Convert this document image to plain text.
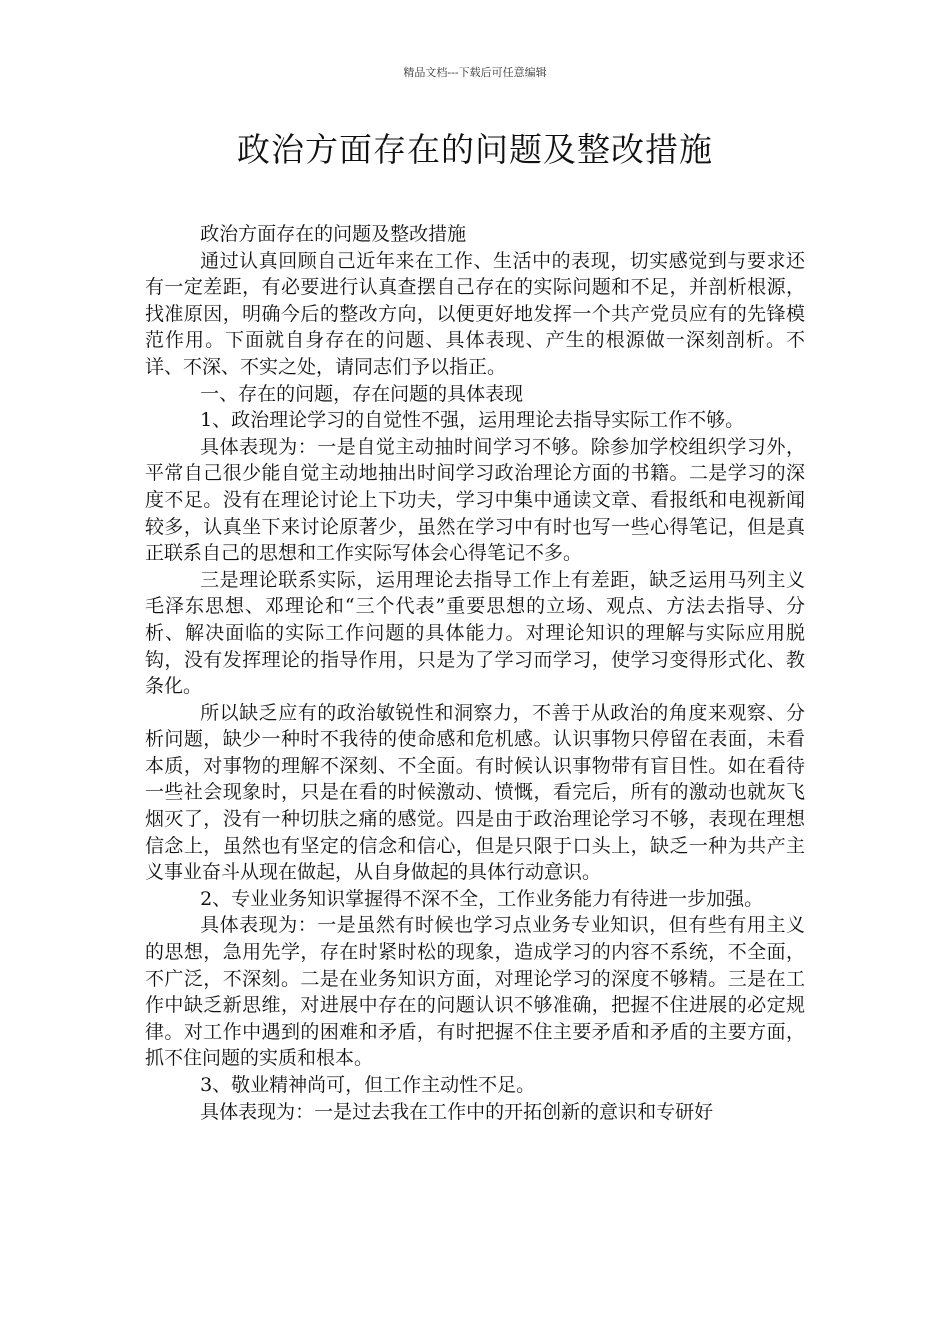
精品文档---下载后可任意编辑
政治方面存在的问题及整改措施

政治方面存在的问题及整改措施

通过认真回顾自己近年来在工作、生活中的表现，切实感觉到与要求还有一定差距，有必要进行认真查摆自己存在的实际问题和不足，并剖析根源，找准原因，明确今后的整改方向，以便更好地发挥一个共产党员应有的先锋模范作用。下面就自身存在的问题、具体表现、产生的根源做一深刻剖析。不详、不深、不实之处，请同志们予以指正。

一、存在的问题，存在问题的具体表现

1、政治理论学习的自觉性不强，运用理论去指导实际工作不够。

具体表现为：一是自觉主动抽时间学习不够。除参加学校组织学习外，平常自己很少能自觉主动地抽出时间学习政治理论方面的书籍。二是学习的深度不足。没有在理论讨论上下功夫，学习中集中通读文章、看报纸和电视新闻较多，认真坐下来讨论原著少，虽然在学习中有时也写一些心得笔记，但是真正联系自己的思想和工作实际写体会心得笔记不多。

三是理论联系实际，运用理论去指导工作上有差距，缺乏运用马列主义毛泽东思想、邓理论和“三个代表”重要思想的立场、观点、方法去指导、分析、解决面临的实际工作问题的具体能力。对理论知识的理解与实际应用脱钩，没有发挥理论的指导作用，只是为了学习而学习，使学习变得形式化、教条化。

所以缺乏应有的政治敏锐性和洞察力，不善于从政治的角度来观察、分析问题，缺少一种时不我待的使命感和危机感。认识事物只停留在表面，未看本质，对事物的理解不深刻、不全面。有时候认识事物带有盲目性。如在看待一些社会现象时，只是在看的时候激动、愤慨，看完后，所有的激动也就灰飞烟灭了，没有一种切肤之痛的感觉。四是由于政治理论学习不够，表现在理想信念上，虽然也有坚定的信念和信心，但是只限于口头上，缺乏一种为共产主义事业奋斗从现在做起，从自身做起的具体行动意识。

2、专业业务知识掌握得不深不全，工作业务能力有待进一步加强。

具体表现为：一是虽然有时候也学习点业务专业知识，但有些有用主义的思想，急用先学，存在时紧时松的现象，造成学习的内容不系统，不全面，不广泛，不深刻。二是在业务知识方面，对理论学习的深度不够精。三是在工作中缺乏新思维，对进展中存在的问题认识不够准确，把握不住进展的必定规律。对工作中遇到的困难和矛盾，有时把握不住主要矛盾和矛盾的主要方面，抓不住问题的实质和根本。

3、敬业精神尚可，但工作主动性不足。

具体表现为：一是过去我在工作中的开拓创新的意识和专研好
